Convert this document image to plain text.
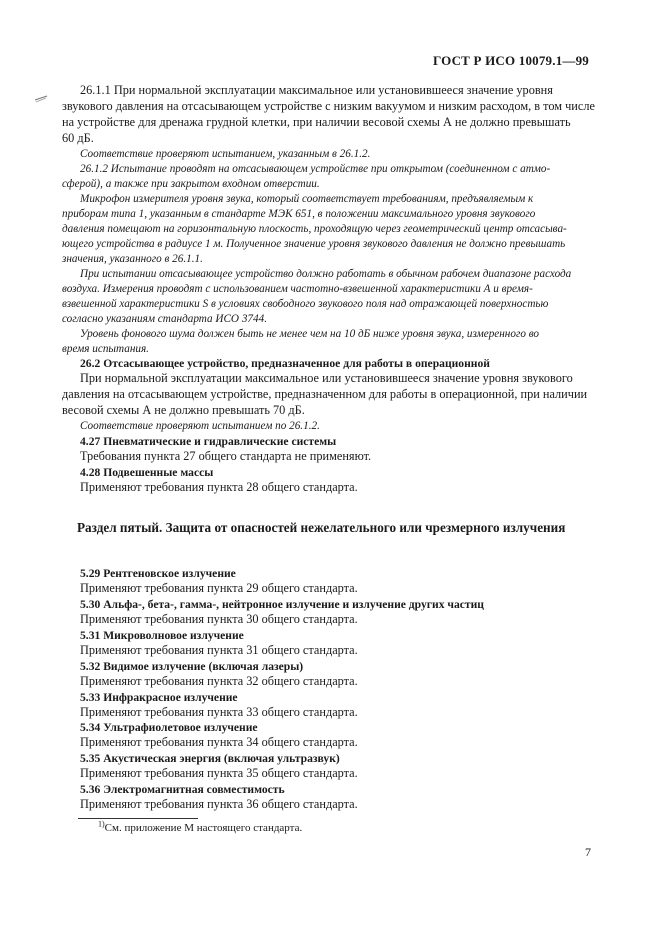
ГОСТ Р ИСО 10079.1—99
26.1.1 При нормальной эксплуатации максимальное или установившееся значение уровня
звукового давления на отсасывающем устройстве с низким вакуумом и низким расходом, в том числе
на устройстве для дренажа грудной клетки, при наличии весовой схемы А не должно превышать
60 дБ.
Соответствие проверяют испытанием, указанным в 26.1.2.
26.1.2 Испытание проводят на отсасывающем устройстве при открытом (соединенном с атмо-
сферой), а также при закрытом входном отверстии.
Микрофон измерителя уровня звука, который соответствует требованиям, предъявляемым к
приборам типа 1, указанным в стандарте МЭК 651, в положении максимального уровня звукового
давления помещают на горизонтальную плоскость, проходящую через геометрический центр отсасыва-
ющего устройства в радиусе 1 м. Полученное значение уровня звукового давления не должно превышать
значения, указанного в 26.1.1.
При испытании отсасывающее устройство должно работать в обычном рабочем диапазоне расхода
воздуха. Измерения проводят с использованием частотно-взвешенной характеристики А и время-
взвешенной характеристики S в условиях свободного звукового поля над отражающей поверхностью
согласно указаниям стандарта ИСО 3744.
Уровень фонового шума должен быть не менее чем на 10 дБ ниже уровня звука, измеренного во
время испытания.
26.2 Отсасывающее устройство, предназначенное для работы в операционной
При нормальной эксплуатации максимальное или установившееся значение уровня звукового
давления на отсасывающем устройстве, предназначенном для работы в операционной, при наличии
весовой схемы А не должно превышать 70 дБ.
Соответствие проверяют испытанием по 26.1.2.
4.27 Пневматические и гидравлические системы
Требования пункта 27 общего стандарта не применяют.
4.28 Подвешенные массы
Применяют требования пункта 28 общего стандарта.
Раздел пятый. Защита от опасностей нежелательного или чрезмерного излучения
5.29 Рентгеновское излучение
Применяют требования пункта 29 общего стандарта.
5.30 Альфа-, бета-, гамма-, нейтронное излучение и излучение других частиц
Применяют требования пункта 30 общего стандарта.
5.31 Микроволновое излучение
Применяют требования пункта 31 общего стандарта.
5.32 Видимое излучение (включая лазеры)
Применяют требования пункта 32 общего стандарта.
5.33 Инфракрасное излучение
Применяют требования пункта 33 общего стандарта.
5.34 Ультрафиолетовое излучение
Применяют требования пункта 34 общего стандарта.
5.35 Акустическая энергия (включая ультразвук)
Применяют требования пункта 35 общего стандарта.
5.36 Электромагнитная совместимость
Применяют требования пункта 36 общего стандарта.
$^{1)}$См. приложение М настоящего стандарта.
7
